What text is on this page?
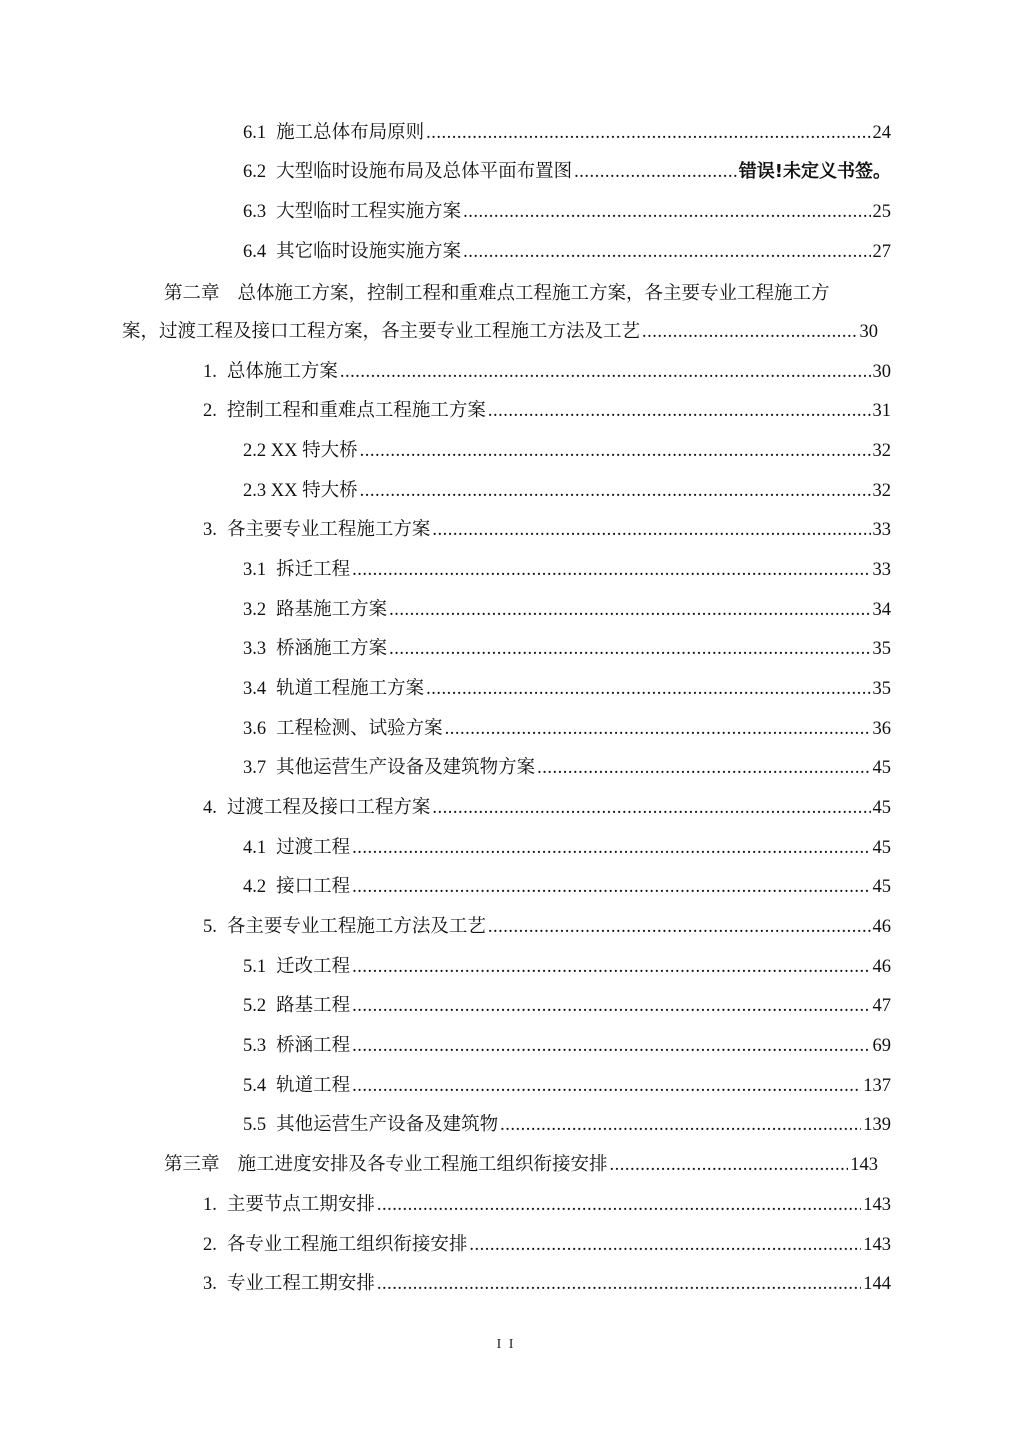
6.1 施工总体布局原则 .....	24
6.2 大型临时设施布局及总体平面布置图 .....	错误!未定义书签。
6.3 大型临时工程实施方案 .....	25
6.4 其它临时设施实施方案 .....	27
第二章 总体施工方案，控制工程和重难点工程施工方案，各主要专业工程施工方
案，过渡工程及接口工程方案，各主要专业工程施工方法及工艺 .....	30
1. 总体施工方案 .....	30
2. 控制工程和重难点工程施工方案 .....	31
2.2 XX 特大桥 .....	32
2.3 XX 特大桥 .....	32
3. 各主要专业工程施工方案 .....	33
3.1 拆迁工程 .....	33
3.2 路基施工方案 .....	34
3.3 桥涵施工方案 .....	35
3.4 轨道工程施工方案 .....	35
3.6 工程检测、试验方案 .....	36
3.7 其他运营生产设备及建筑物方案 .....	45
4. 过渡工程及接口工程方案 .....	45
4.1 过渡工程 .....	45
4.2 接口工程 .....	45
5. 各主要专业工程施工方法及工艺 .....	46
5.1 迁改工程 .....	46
5.2 路基工程 .....	47
5.3 桥涵工程 .....	69
5.4 轨道工程 .....	137
5.5 其他运营生产设备及建筑物 .....	139
第三章 施工进度安排及各专业工程施工组织衔接安排 .....	143
1. 主要节点工期安排 .....	143
2. 各专业工程施工组织衔接安排 .....	143
3. 专业工程工期安排 .....	144
I I
